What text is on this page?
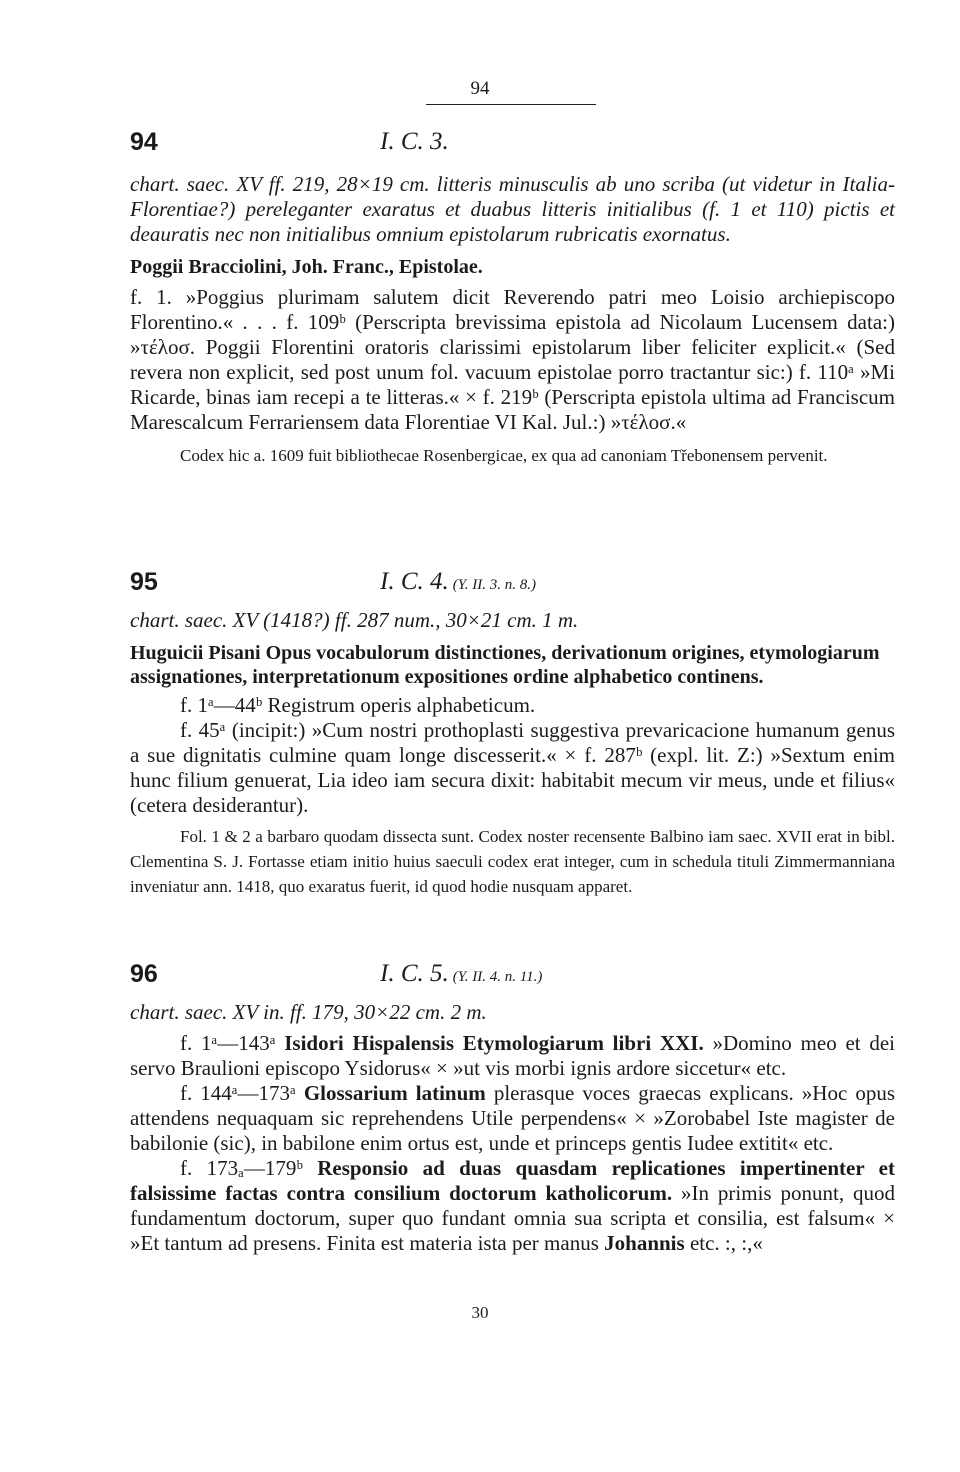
94
94	I. C. 3.

chart. saec. XV ff. 219, 28×19 cm. litteris minusculis ab uno scriba (ut videtur in Italia-Florentiae?) pereleganter exaratus et duabus litteris initialibus (f. 1 et 110) pictis et deauratis nec non initialibus omnium epistolarum rubricatis exornatus.

Poggii Bracciolini, Joh. Franc., Epistolae.

f. 1. »Poggius plurimam salutem dicit Reverendo patri meo Loisio archiepiscopo Florentino.« . . . f. 109ᵇ (Perscripta brevissima epistola ad Nicolaum Lucensem data:) »τέλοσ. Poggii Florentini oratoris clarissimi epistolarum liber feliciter explicit.« (Sed revera non explicit, sed post unum fol. vacuum epistolae porro tractantur sic:) f. 110ᵃ »Mi Ricarde, binas iam recepi a te litteras.« × f. 219ᵇ (Perscripta epistola ultima ad Franciscum Marescalcum Ferrariensem data Florentiae VI Kal. Jul.:) »τέλοσ.«

Codex hic a. 1609 fuit bibliothecae Rosenbergicae, ex qua ad canoniam Třebonensem pervenit.

95	I. C. 4. (Y. II. 3. n. 8.)

chart. saec. XV (1418?) ff. 287 num., 30×21 cm. 1 m.

Huguicii Pisani Opus vocabulorum distinctiones, derivationum origines, etymologiarum assignationes, interpretationum expositiones ordine alphabetico continens.

f. 1ᵃ—44ᵇ Registrum operis alphabeticum.

f. 45ᵃ (incipit:) »Cum nostri prothoplasti suggestiva prevaricacione humanum genus a sue dignitatis culmine quam longe discesserit.« × f. 287ᵇ (expl. lit. Z:) »Sextum enim hunc filium genuerat, Lia ideo iam secura dixit: habitabit mecum vir meus, unde et filius« (cetera desiderantur).

Fol. 1 & 2 a barbaro quodam dissecta sunt. Codex noster recensente Balbino iam saec. XVII erat in bibl. Clementina S. J. Fortasse etiam initio huius saeculi codex erat integer, cum in schedula tituli Zimmermanniana inveniatur ann. 1418, quo exaratus fuerit, id quod hodie nusquam apparet.

96	I. C. 5. (Y. II. 4. n. 11.)

chart. saec. XV in. ff. 179, 30×22 cm. 2 m.

f. 1ᵃ—143ᵃ Isidori Hispalensis Etymologiarum libri XXI. »Domino meo et dei servo Braulioni episcopo Ysidorus« × »ut vis morbi ignis ardore siccetur« etc.

f. 144ᵃ—173ᵃ Glossarium latinum plerasque voces graecas explicans. »Hoc opus attendens nequaquam sic reprehendens Utile perpendens« × »Zorobabel Iste magister de babilonie (sic), in babilone enim ortus est, unde et princeps gentis Iudee extitit« etc.

f. 173ₐ—179ᵇ Responsio ad duas quasdam replicationes impertinenter et falsissime factas contra consilium doctorum katholicorum. »In primis ponunt, quod fundamentum doctorum, super quo fundant omnia sua scripta et consilia, est falsum« × »Et tantum ad presens. Finita est materia ista per manus Johannis etc. :, :,«

30
